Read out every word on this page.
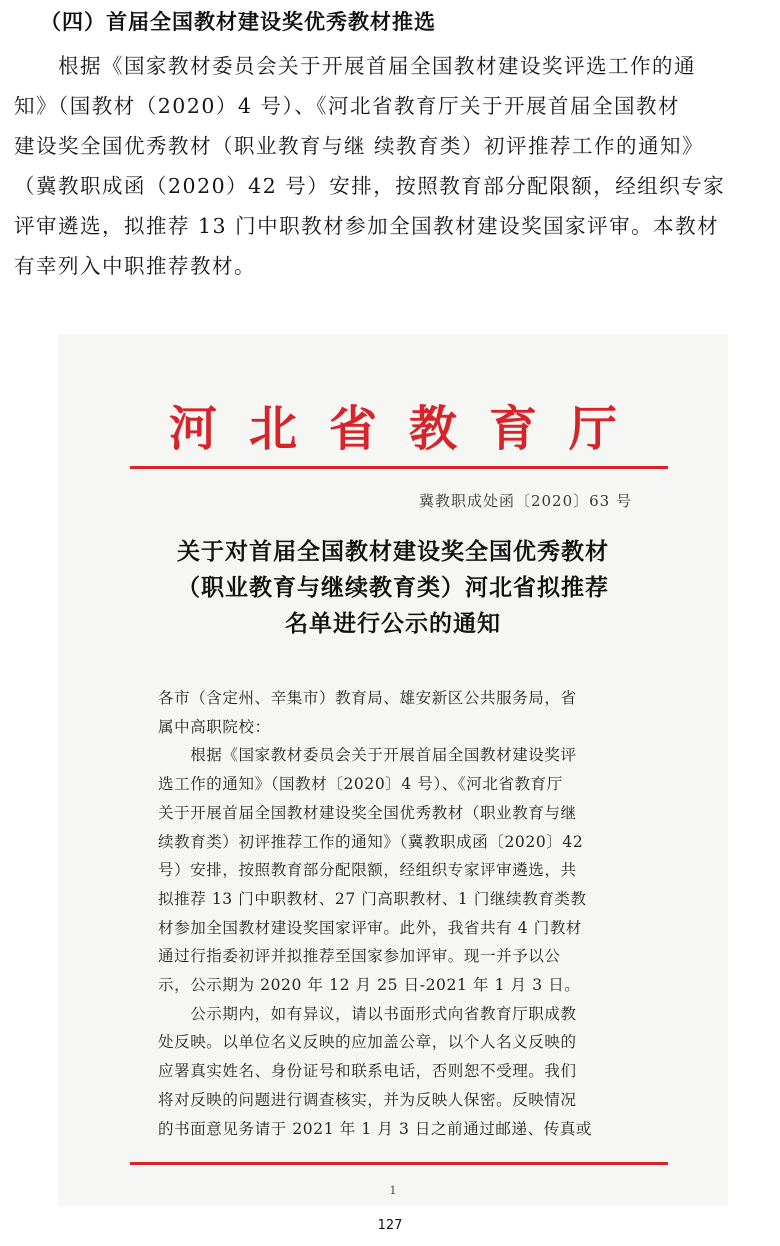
（四）首届全国教材建设奖优秀教材推选

　　根据《国家教材委员会关于开展首届全国教材建设奖评选工作的通
知》（国教材（2020）4 号）、《河北省教育厅关于开展首届全国教材
建设奖全国优秀教材（职业教育与继 续教育类）初评推荐工作的通知》
（冀教职成函（2020）42 号）安排，按照教育部分配限额，经组织专家
评审遴选，拟推荐 13 门中职教材参加全国教材建设奖国家评审。本教材
有幸列入中职推荐教材。

河北省教育厅
冀教职成处函〔2020〕63 号
关于对首届全国教材建设奖全国优秀教材
（职业教育与继续教育类）河北省拟推荐
名单进行公示的通知
各市（含定州、辛集市）教育局、雄安新区公共服务局，省
属中高职院校：
　　根据《国家教材委员会关于开展首届全国教材建设奖评
选工作的通知》（国教材〔2020〕4 号）、《河北省教育厅
关于开展首届全国教材建设奖全国优秀教材（职业教育与继
续教育类）初评推荐工作的通知》（冀教职成函〔2020〕42
号）安排，按照教育部分配限额，经组织专家评审遴选，共
拟推荐 13 门中职教材、27 门高职教材、1 门继续教育类教
材参加全国教材建设奖国家评审。此外，我省共有 4 门教材
通过行指委初评并拟推荐至国家参加评审。现一并予以公
示，公示期为 2020 年 12 月 25 日-2021 年 1 月 3 日。
　　公示期内，如有异议，请以书面形式向省教育厅职成教
处反映。以单位名义反映的应加盖公章，以个人名义反映的
应署真实姓名、身份证号和联系电话，否则恕不受理。我们
将对反映的问题进行调查核实，并为反映人保密。反映情况
的书面意见务请于 2021 年 1 月 3 日之前通过邮递、传真或
1
127
